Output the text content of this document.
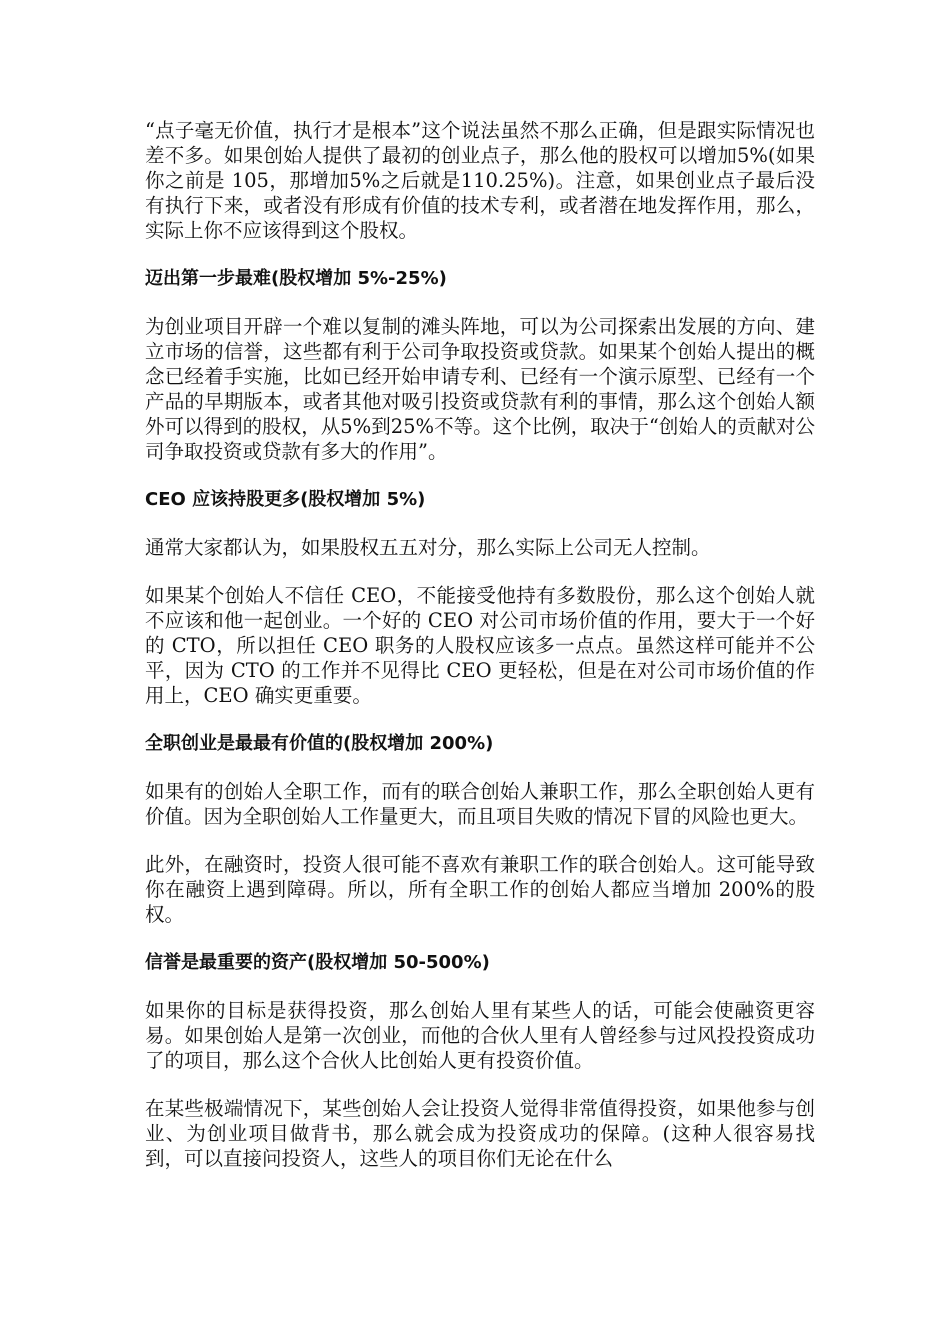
“点子毫无价值，执行才是根本”这个说法虽然不那么正确，但是跟实际情况也差不多。如果创始人提供了最初的创业点子，那么他的股权可以增加5%(如果你之前是 105，那增加5%之后就是110.25%)。注意，如果创业点子最后没有执行下来，或者没有形成有价值的技术专利，或者潜在地发挥作用，那么，实际上你不应该得到这个股权。

迈出第一步最难(股权增加 5%-25%)

为创业项目开辟一个难以复制的滩头阵地，可以为公司探索出发展的方向、建立市场的信誉，这些都有利于公司争取投资或贷款。如果某个创始人提出的概念已经着手实施，比如已经开始申请专利、已经有一个演示原型、已经有一个产品的早期版本，或者其他对吸引投资或贷款有利的事情，那么这个创始人额外可以得到的股权，从5%到25%不等。这个比例，取决于“创始人的贡献对公司争取投资或贷款有多大的作用”。

CEO 应该持股更多(股权增加 5%)

通常大家都认为，如果股权五五对分，那么实际上公司无人控制。

如果某个创始人不信任 CEO，不能接受他持有多数股份，那么这个创始人就不应该和他一起创业。一个好的 CEO 对公司市场价值的作用，要大于一个好的 CTO，所以担任 CEO 职务的人股权应该多一点点。虽然这样可能并不公平，因为 CTO 的工作并不见得比 CEO 更轻松，但是在对公司市场价值的作用上，CEO 确实更重要。

全职创业是最最有价值的(股权增加 200%)

如果有的创始人全职工作，而有的联合创始人兼职工作，那么全职创始人更有价值。因为全职创始人工作量更大，而且项目失败的情况下冒的风险也更大。

此外，在融资时，投资人很可能不喜欢有兼职工作的联合创始人。这可能导致你在融资上遇到障碍。所以，所有全职工作的创始人都应当增加 200%的股权。

信誉是最重要的资产(股权增加 50-500%)

如果你的目标是获得投资，那么创始人里有某些人的话，可能会使融资更容易。如果创始人是第一次创业，而他的合伙人里有人曾经参与过风投投资成功了的项目，那么这个合伙人比创始人更有投资价值。

在某些极端情况下，某些创始人会让投资人觉得非常值得投资，如果他参与创业、为创业项目做背书，那么就会成为投资成功的保障。(这种人很容易找到，可以直接问投资人，这些人的项目你们无论在什么
